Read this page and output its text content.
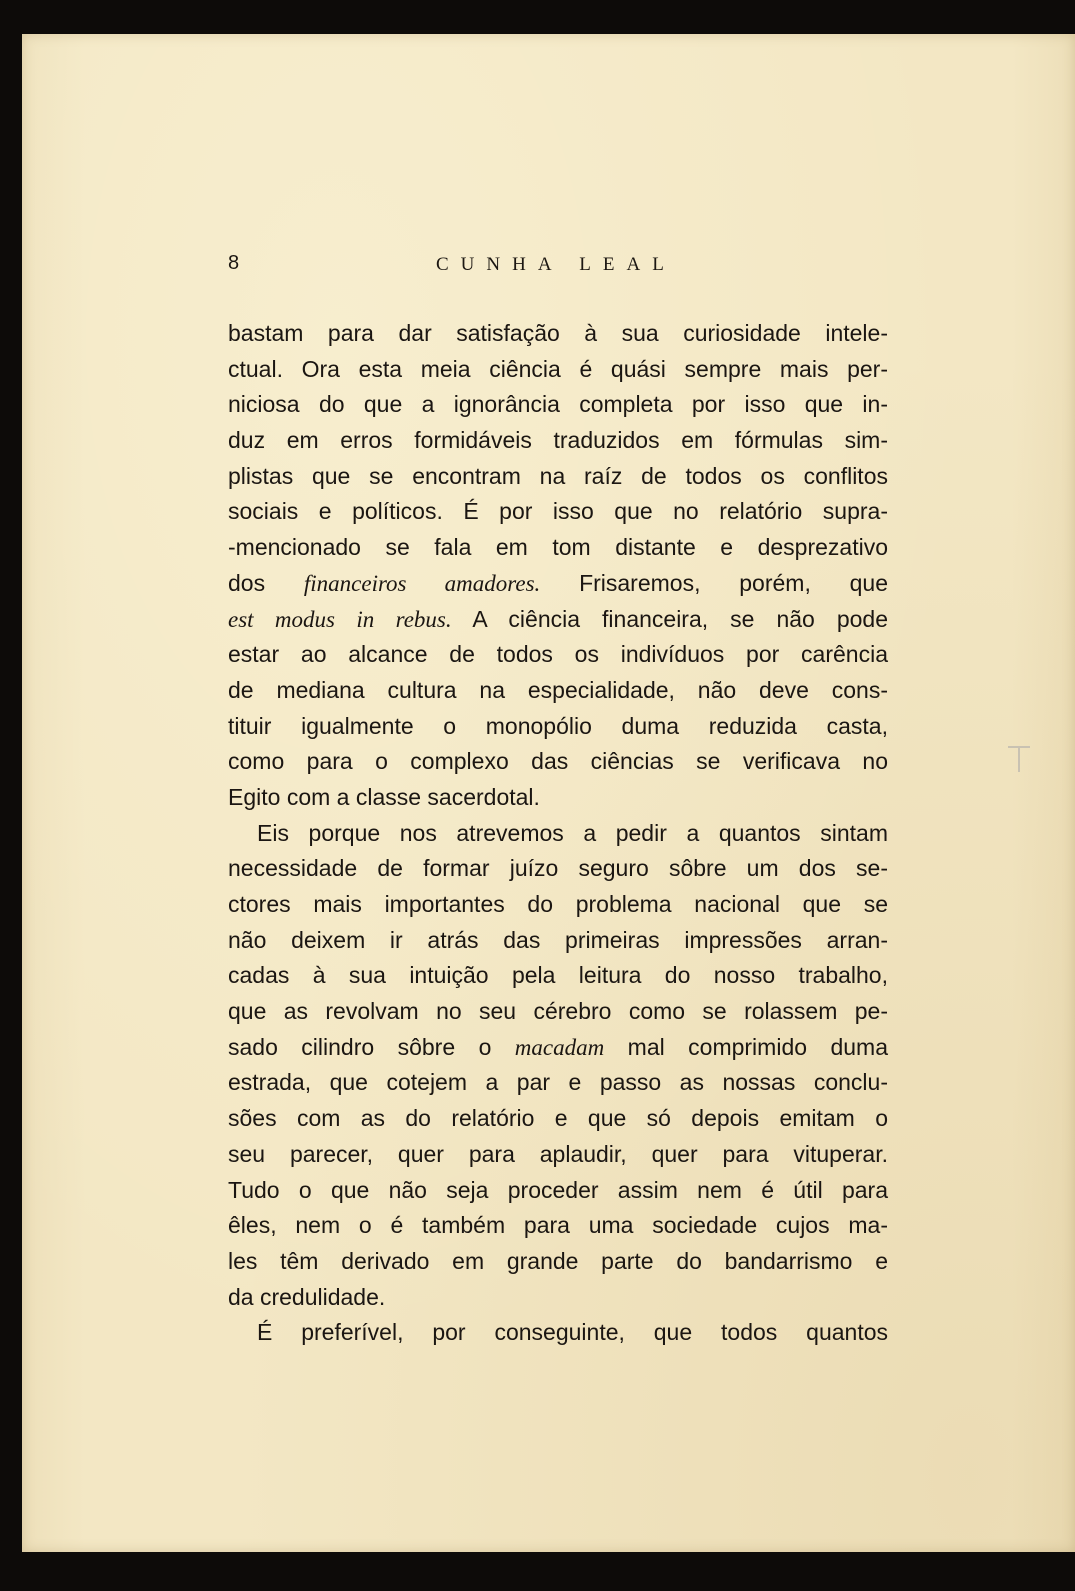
8	CUNHA LEAL
bastam para dar satisfação à sua curiosidade intele-
ctual. Ora esta meia ciência é quási sempre mais per-
niciosa do que a ignorância completa por isso que in-
duz em erros formidáveis traduzidos em fórmulas sim-
plistas que se encontram na raíz de todos os conflitos
sociais e políticos. É por isso que no relatório supra-
-mencionado se fala em tom distante e desprezativo
dos financeiros amadores. Frisaremos, porém, que
est modus in rebus. A ciência financeira, se não pode
estar ao alcance de todos os indivíduos por carência
de mediana cultura na especialidade, não deve cons-
tituir igualmente o monopólio duma reduzida casta,
como para o complexo das ciências se verificava no
Egito com a classe sacerdotal.
Eis porque nos atrevemos a pedir a quantos sintam
necessidade de formar juízo seguro sôbre um dos se-
ctores mais importantes do problema nacional que se
não deixem ir atrás das primeiras impressões arran-
cadas à sua intuição pela leitura do nosso trabalho,
que as revolvam no seu cérebro como se rolassem pe-
sado cilindro sôbre o macadam mal comprimido duma
estrada, que cotejem a par e passo as nossas conclu-
sões com as do relatório e que só depois emitam o
seu parecer, quer para aplaudir, quer para vituperar.
Tudo o que não seja proceder assim nem é útil para
êles, nem o é também para uma sociedade cujos ma-
les têm derivado em grande parte do bandarrismo e
da credulidade.
É preferível, por conseguinte, que todos quantos
